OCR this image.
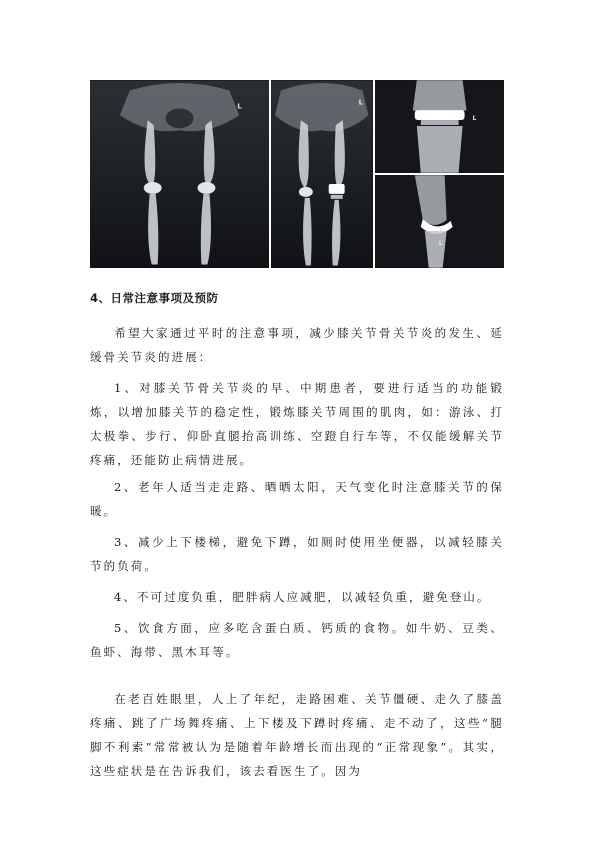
L	L
L
L
4、日常注意事项及预防
希望大家通过平时的注意事项，减少膝关节骨关节炎的发生、延缓骨关节炎的进展：
1、对膝关节骨关节炎的早、中期患者，要进行适当的功能锻炼，以增加膝关节的稳定性，锻炼膝关节周围的肌肉，如：游泳、打太极拳、步行、仰卧直腿抬高训练、空蹬自行车等，不仅能缓解关节疼痛，还能防止病情进展。
2、老年人适当走走路、晒晒太阳，天气变化时注意膝关节的保暖。
3、减少上下楼梯，避免下蹲，如厕时使用坐便器，以减轻膝关节的负荷。
4、不可过度负重，肥胖病人应减肥，以减轻负重，避免登山。
5、饮食方面，应多吃含蛋白质、钙质的食物。如牛奶、豆类、鱼虾、海带、黑木耳等。
在老百姓眼里，人上了年纪，走路困难、关节僵硬、走久了膝盖疼痛、跳了广场舞疼痛、上下楼及下蹲时疼痛、走不动了，这些“腿脚不利索”常常被认为是随着年龄增长而出现的“正常现象”。其实，这些症状是在告诉我们，该去看医生了。因为
